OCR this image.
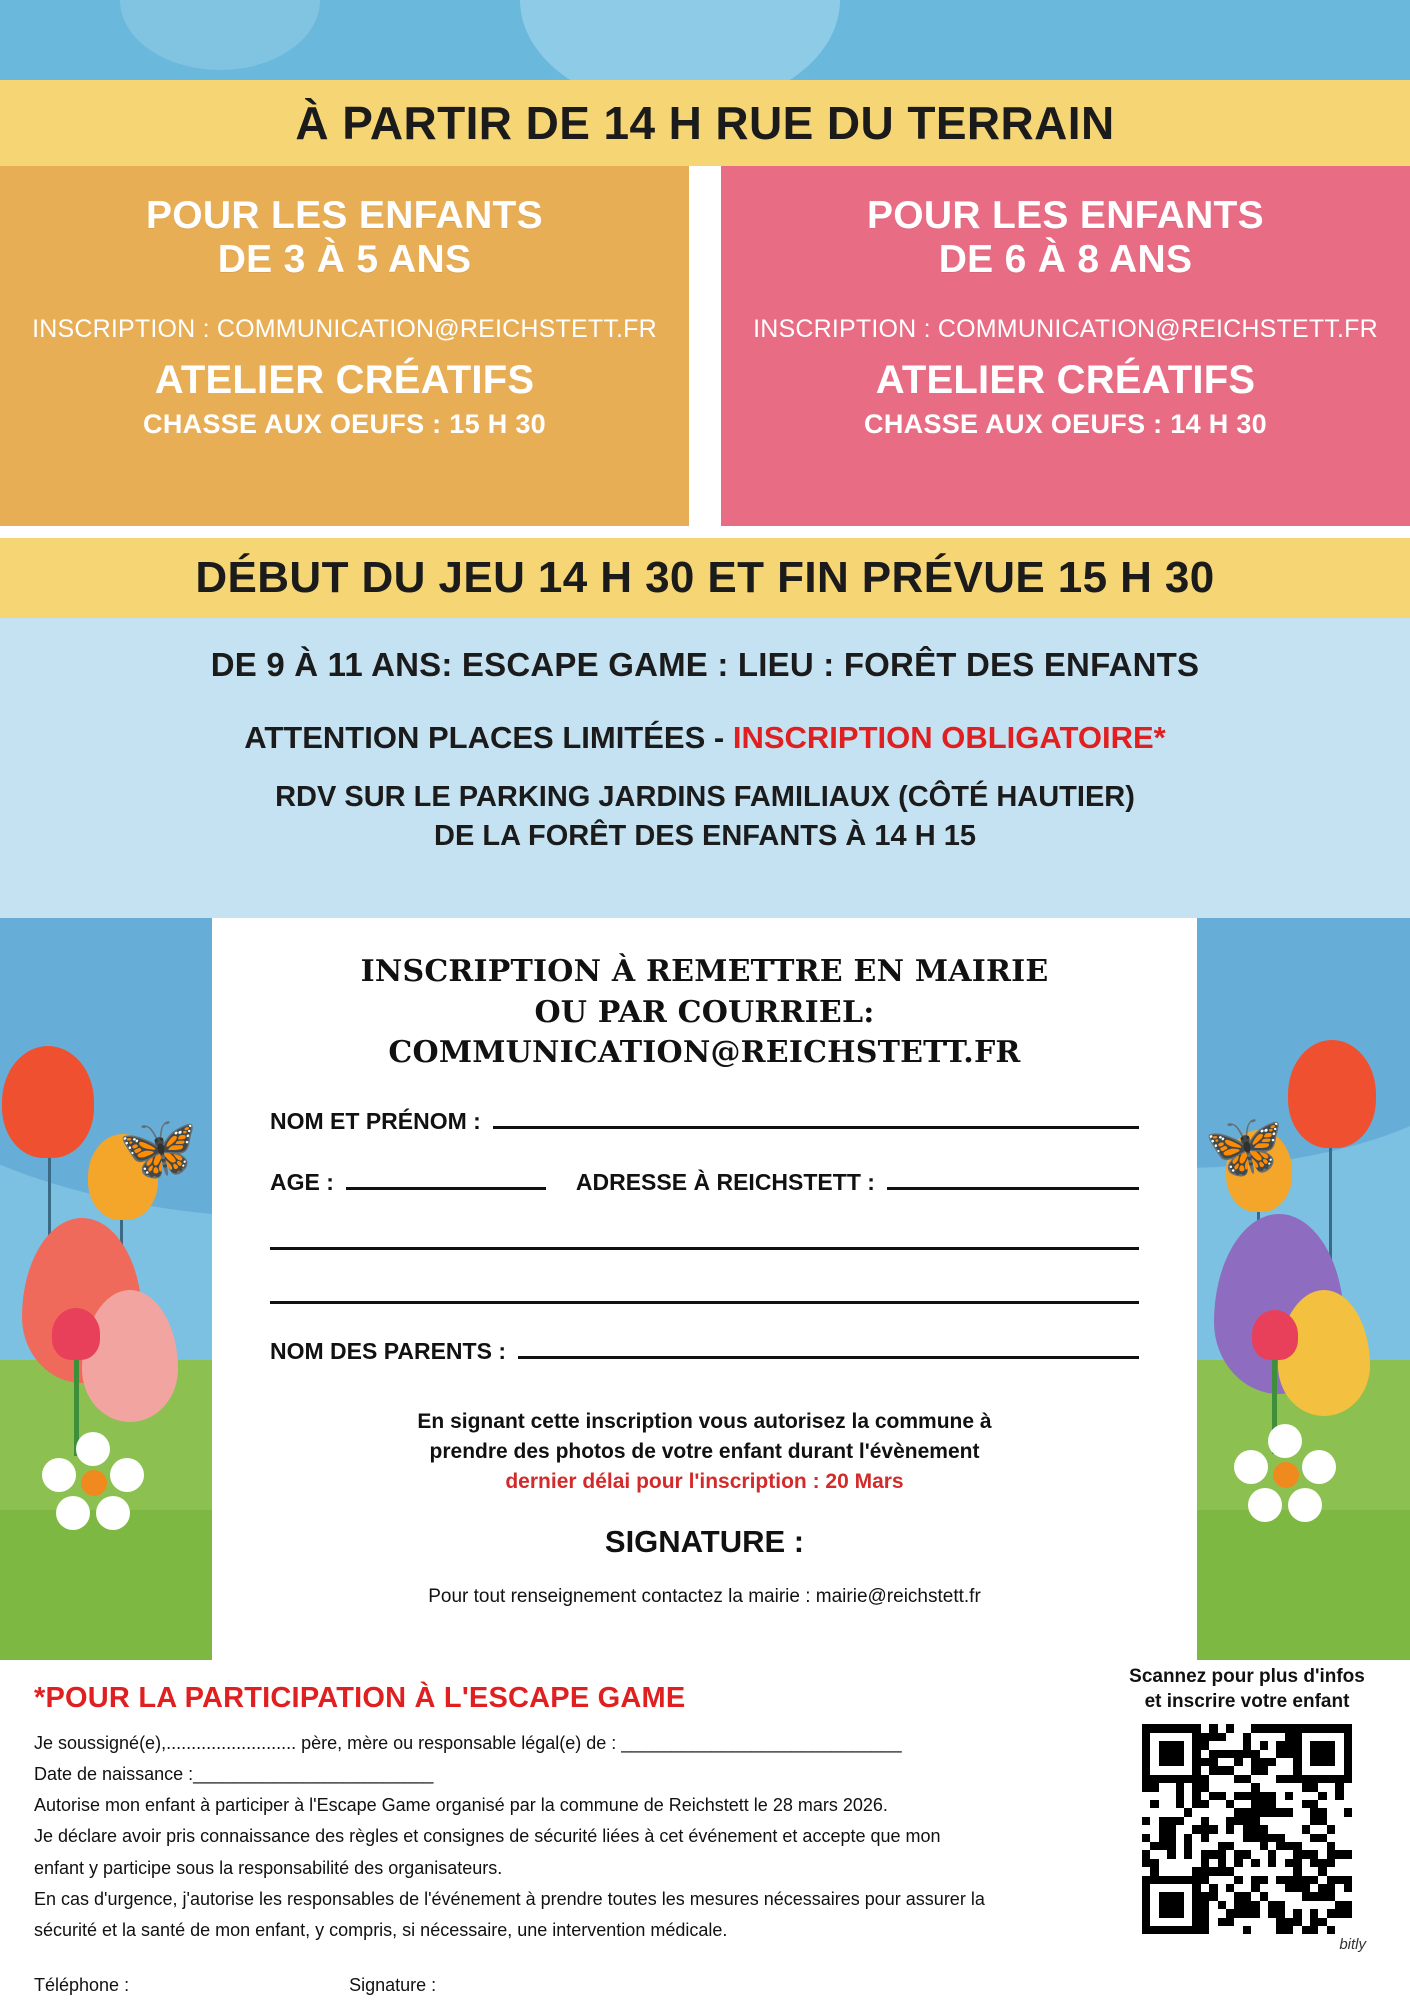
À PARTIR DE 14 H RUE DU TERRAIN
POUR LES ENFANTS
DE 3 À 5 ANS
INSCRIPTION : COMMUNICATION@REICHSTETT.FR
ATELIER CRÉATIFS
CHASSE AUX OEUFS : 15 H 30
POUR LES ENFANTS
DE 6 À 8 ANS
INSCRIPTION : COMMUNICATION@REICHSTETT.FR
ATELIER CRÉATIFS
CHASSE AUX OEUFS : 14 H 30
DÉBUT DU JEU 14 H 30 ET FIN PRÉVUE 15 H 30
DE 9 À 11 ANS: ESCAPE GAME : LIEU : FORÊT DES ENFANTS
ATTENTION PLACES LIMITÉES - INSCRIPTION OBLIGATOIRE*
RDV SUR LE PARKING JARDINS FAMILIAUX (CÔTÉ HAUTIER)
DE LA FORÊT DES ENFANTS À 14 H 15
🦋	🦋
INSCRIPTION À REMETTRE EN MAIRIE
OU PAR COURRIEL: COMMUNICATION@REICHSTETT.FR
NOM ET PRÉNOM :
AGE :	ADRESSE À REICHSTETT :
NOM DES PARENTS :
En signant cette inscription vous autorisez la commune à
prendre des photos de votre enfant durant l'évènement
dernier délai pour l'inscription : 20 Mars
SIGNATURE :
Pour tout renseignement contactez la mairie : mairie@reichstett.fr
*POUR LA PARTICIPATION À L'ESCAPE GAME

Je soussigné(e),.......................... père, mère ou responsable légal(e) de : ____________________________

Date de naissance :________________________

Autorise mon enfant à participer à l'Escape Game organisé par la commune de Reichstett le 28 mars 2026.

Je déclare avoir pris connaissance des règles et consignes de sécurité liées à cet événement et accepte que mon

enfant y participe sous la responsabilité des organisateurs.

En cas d'urgence, j'autorise les responsables de l'événement à prendre toutes les mesures nécessaires pour assurer la

sécurité et la santé de mon enfant, y compris, si nécessaire, une intervention médicale.

Téléphone :	Signature :
Scannez pour plus d'infos
et inscrire votre enfant
bitly
